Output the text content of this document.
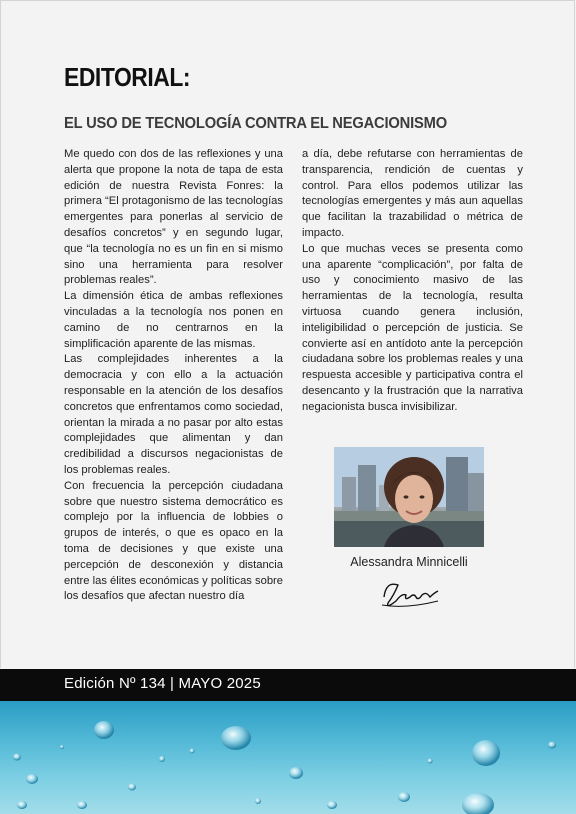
EDITORIAL:
EL USO DE TECNOLOGÍA CONTRA EL NEGACIONISMO

Me quedo con dos de las reflexiones y una alerta que propone la nota de tapa de esta edición de nuestra Revista Fonres: la primera “El protagonismo de las tecnologías emergentes para ponerlas al servicio de desafíos concretos” y en segundo lugar, que “la tecnología no es un fin en si mismo sino una herramienta para resolver problemas reales”.

La dimensión ética de ambas reflexiones vinculadas a la tecnología nos ponen en camino de no centrarnos en la simplificación aparente de las mismas.

Las complejidades inherentes a la democracia y con ello a la actuación responsable en la atención de los desafíos concretos que enfrentamos como sociedad, orientan la mirada a no pasar por alto estas complejidades que alimentan y dan credibilidad a discursos negacionistas de los problemas reales.

Con frecuencia la percepción ciudadana sobre que nuestro sistema democrático es complejo por la influencia de lobbies o grupos de interés, o que es opaco en la toma de decisiones y que existe una percepción de desconexión y distancia entre las élites económicas y políticas sobre los desafíos que afectan nuestro día

a día, debe refutarse con herramientas de transparencia, rendición de cuentas y control. Para ellos podemos utilizar las tecnologías emergentes y más aun aquellas que facilitan la trazabilidad o métrica de impacto.

Lo que muchas veces se presenta como una aparente “complicación”, por falta de uso y conocimiento masivo de las herramientas de la tecnología, resulta virtuosa cuando genera inclusión, inteligibilidad o percepción de justicia. Se convierte así en antídoto ante la percepción ciudadana sobre los problemas reales y una respuesta accesible y participativa contra el desencanto y la frustración que la narrativa negacionista busca invisibilizar.

Alessandra Minnicelli
Edición Nº 134 | MAYO 2025
